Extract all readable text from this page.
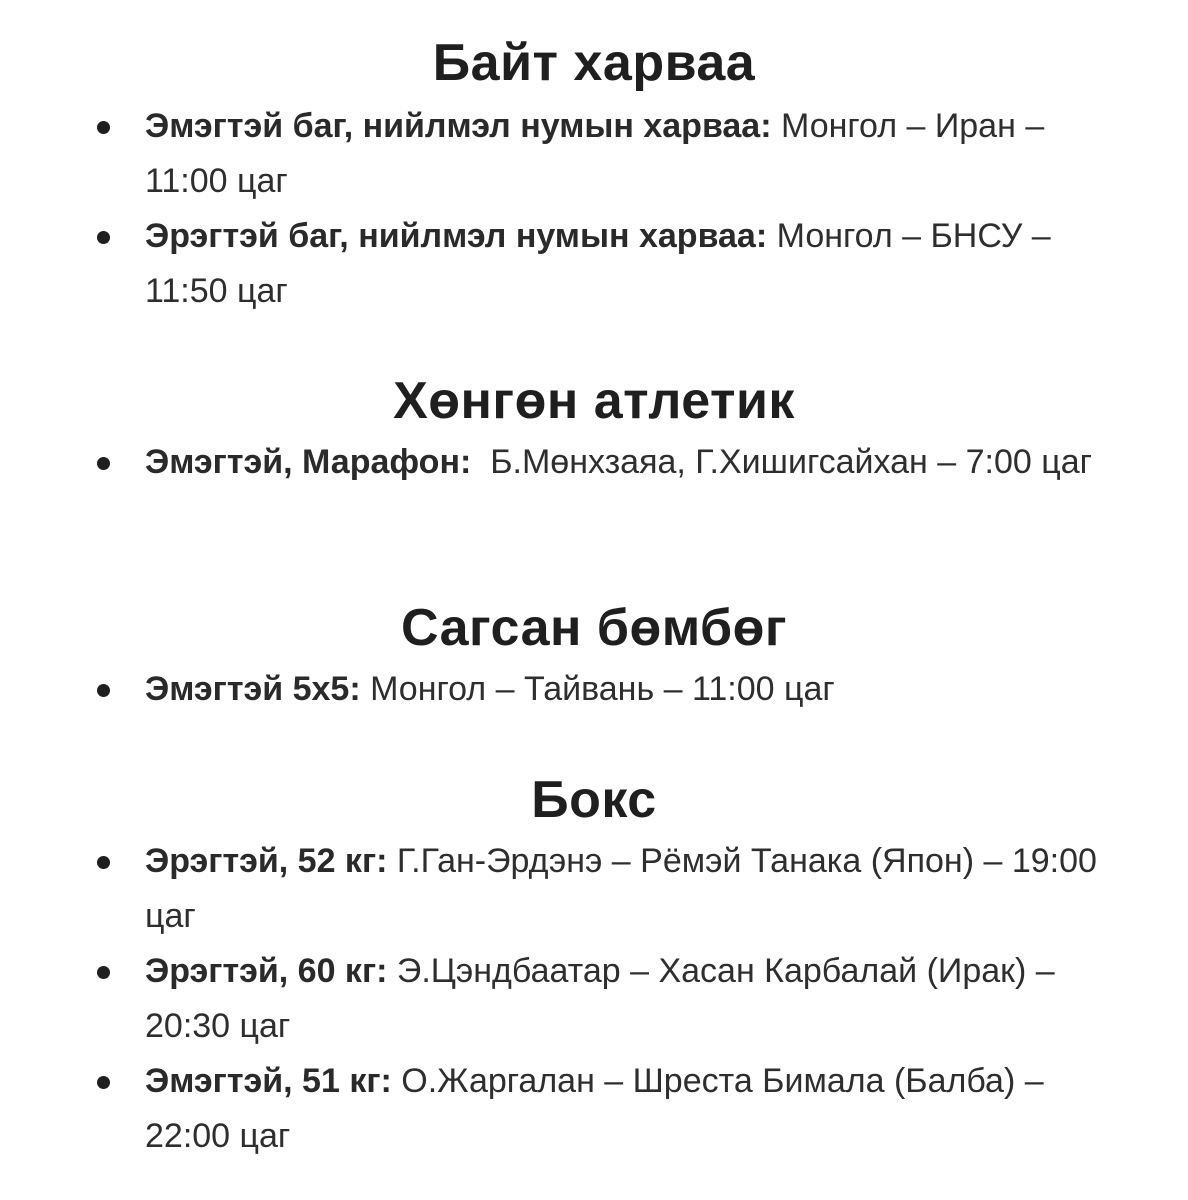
Байт харваа
Эмэгтэй баг, нийлмэл нумын харваа: Монгол – Иран – 11:00 цаг
Эрэгтэй баг, нийлмэл нумын харваа: Монгол – БНСУ – 11:50 цаг
Хөнгөн атлетик
Эмэгтэй, Марафон:  Б.Мөнхзаяа, Г.Хишигсайхан – 7:00 цаг
Сагсан бөмбөг
Эмэгтэй 5x5: Монгол – Тайвань – 11:00 цаг
Бокс
Эрэгтэй, 52 кг: Г.Ган-Эрдэнэ – Рёмэй Танака (Япон) – 19:00 цаг
Эрэгтэй, 60 кг: Э.Цэндбаатар – Хасан Карбалай (Ирак) – 20:30 цаг
Эмэгтэй, 51 кг: О.Жаргалан – Шреста Бимала (Балба) – 22:00 цаг
